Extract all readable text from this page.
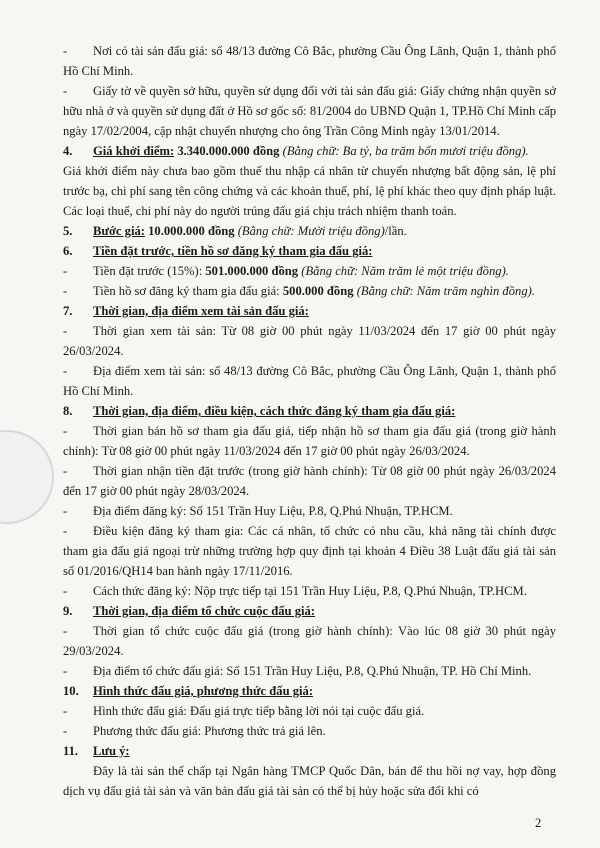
- Nơi có tài sản đấu giá: số 48/13 đường Cô Bắc, phường Cầu Ông Lãnh, Quận 1, thành phố Hồ Chí Minh.

- Giấy tờ về quyền sở hữu, quyền sử dụng đối với tài sản đấu giá: Giấy chứng nhận quyền sở hữu nhà ở và quyền sử dụng đất ở Hồ sơ gốc số: 81/2004 do UBND Quận 1, TP.Hồ Chí Minh cấp ngày 17/02/2004, cập nhật chuyển nhượng cho ông Trần Công Minh ngày 13/01/2014.

4. Giá khởi điểm: 3.340.000.000 đồng (Bằng chữ: Ba tỷ, ba trăm bốn mươi triệu đồng).

Giá khởi điểm này chưa bao gồm thuế thu nhập cá nhân từ chuyển nhượng bất động sản, lệ phí trước bạ, chi phí sang tên công chứng và các khoản thuế, phí, lệ phí khác theo quy định pháp luật. Các loại thuế, chi phí này do người trúng đấu giá chịu trách nhiệm thanh toán.

5. Bước giá: 10.000.000 đồng (Bằng chữ: Mười triệu đồng)/lần.

6. Tiền đặt trước, tiền hồ sơ đăng ký tham gia đấu giá:

- Tiền đặt trước (15%): 501.000.000 đồng (Bằng chữ: Năm trăm lẻ một triệu đồng).

- Tiền hồ sơ đăng ký tham gia đấu giá: 500.000 đồng (Bằng chữ: Năm trăm nghìn đồng).

7. Thời gian, địa điểm xem tài sản đấu giá:

- Thời gian xem tài sản: Từ 08 giờ 00 phút ngày 11/03/2024 đến 17 giờ 00 phút ngày 26/03/2024.

- Địa điểm xem tài sản: số 48/13 đường Cô Bắc, phường Cầu Ông Lãnh, Quận 1, thành phố Hồ Chí Minh.

8. Thời gian, địa điểm, điều kiện, cách thức đăng ký tham gia đấu giá:

- Thời gian bán hồ sơ tham gia đấu giá, tiếp nhận hồ sơ tham gia đấu giá (trong giờ hành chính): Từ 08 giờ 00 phút ngày 11/03/2024 đến 17 giờ 00 phút ngày 26/03/2024.

- Thời gian nhận tiền đặt trước (trong giờ hành chính): Từ 08 giờ 00 phút ngày 26/03/2024 đến 17 giờ 00 phút ngày 28/03/2024.

- Địa điểm đăng ký: Số 151 Trần Huy Liệu, P.8, Q.Phú Nhuận, TP.HCM.

- Điều kiện đăng ký tham gia: Các cá nhân, tổ chức có nhu cầu, khả năng tài chính được tham gia đấu giá ngoại trừ những trường hợp quy định tại khoản 4 Điều 38 Luật đấu giá tài sản số 01/2016/QH14 ban hành ngày 17/11/2016.

- Cách thức đăng ký: Nộp trực tiếp tại 151 Trần Huy Liệu, P.8, Q.Phú Nhuận, TP.HCM.

9. Thời gian, địa điểm tổ chức cuộc đấu giá:

- Thời gian tổ chức cuộc đấu giá (trong giờ hành chính): Vào lúc 08 giờ 30 phút ngày 29/03/2024.

- Địa điểm tổ chức đấu giá: Số 151 Trần Huy Liệu, P.8, Q.Phú Nhuận, TP. Hồ Chí Minh.

10. Hình thức đấu giá, phương thức đấu giá:

- Hình thức đấu giá: Đấu giá trực tiếp bằng lời nói tại cuộc đấu giá.

- Phương thức đấu giá: Phương thức trả giá lên.

11. Lưu ý:

Đây là tài sản thế chấp tại Ngân hàng TMCP Quốc Dân, bán để thu hồi nợ vay, hợp đồng dịch vụ đấu giá tài sản và văn bản đấu giá tài sản có thể bị hủy hoặc sửa đổi khi có

2
